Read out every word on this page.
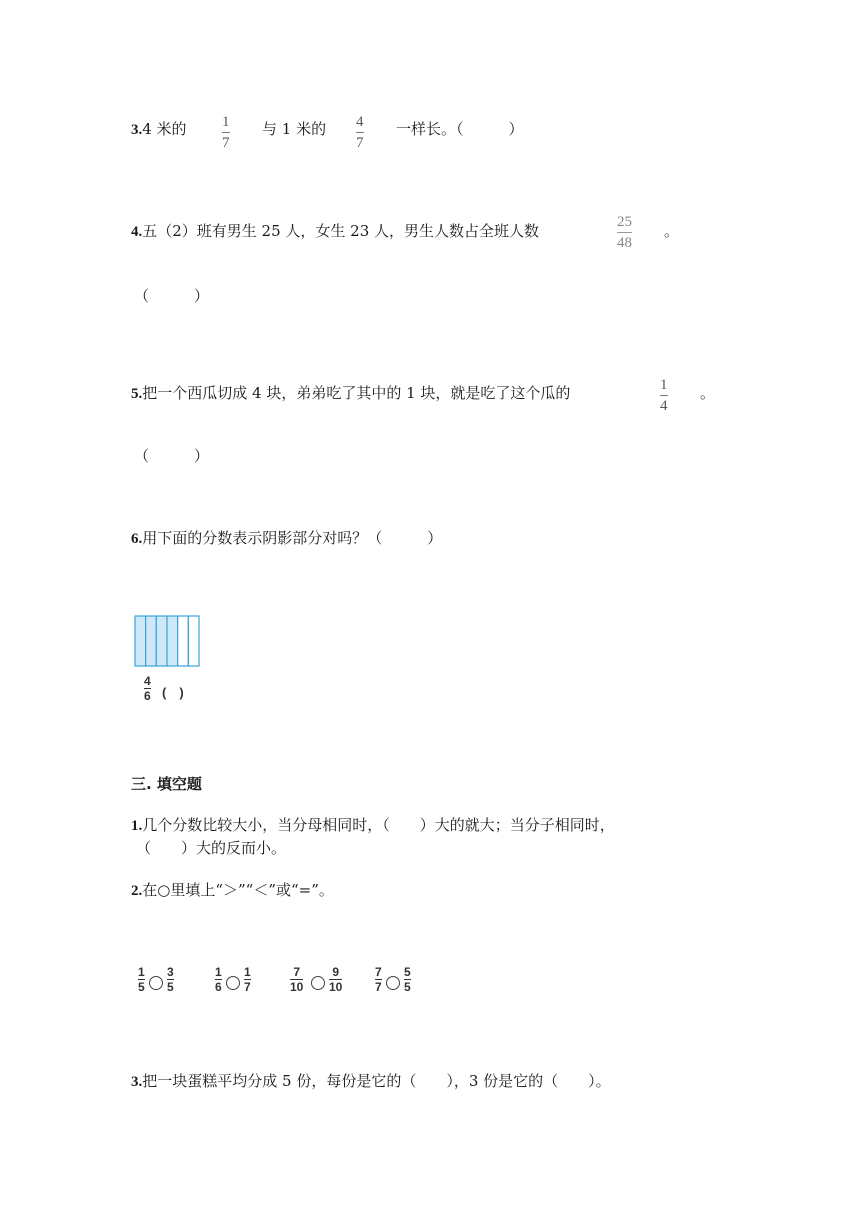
3.4 米的 1
7
与 1 米的 4
7
一样长。（　　　）
4.五（2）班有男生 25 人，女生 23 人，男生人数占全班人数	25
48
。
（　　　）
5.把一个西瓜切成 4 块，弟弟吃了其中的 1 块，就是吃了这个瓜的	1
4
。
（　　　）
6.用下面的分数表示阴影部分对吗？（　　　）
4
6 (　)
三. 填空题
1.几个分数比较大小，当分母相同时，（　　）大的就大；当分子相同时，
（　　）大的反而小。
2.在○里填上“＞”“＜”或“=”。
1
5
3
5
1
6
1
7
7
10
9
10
7
7
5
5
3.把一块蛋糕平均分成 5 份，每份是它的（　　），3 份是它的（　　）。
